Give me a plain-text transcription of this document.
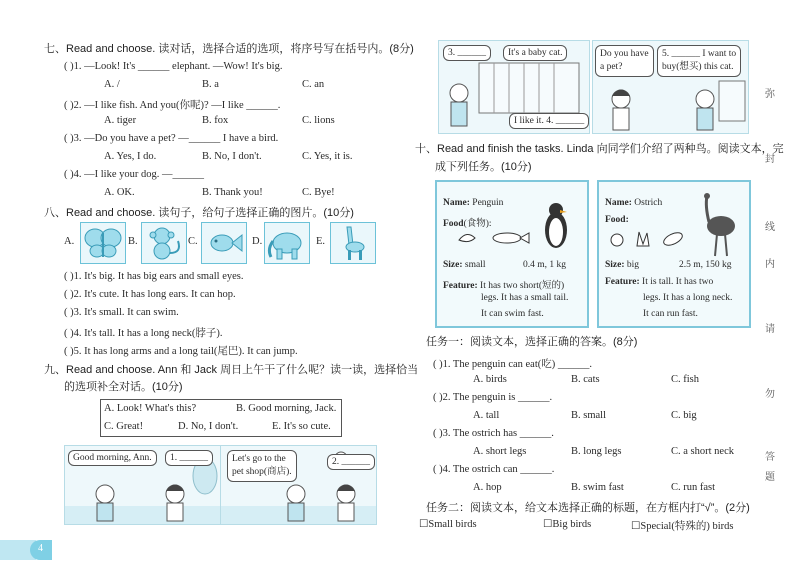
七、Read and choose. 读对话，选择合适的选项，将序号写在括号内。(8分)
( )1. —Look! It's ______ elephant. —Wow! It's big.
A. /	B. a	C. an
( )2. —I like fish. And you(你呢)? —I like ______.
A. tiger	B. fox	C. lions
( )3. —Do you have a pet? —______ I have a bird.
A. Yes, I do.	B. No, I don't.	C. Yes, it is.
( )4. —I like your dog. —______
A. OK.	B. Thank you!	C. Bye!
八、Read and choose. 读句子，给句子选择正确的图片。(10分)
A.	B.	C.	D.	E.
( )1. It's big. It has big ears and small eyes.
( )2. It's cute. It has long ears. It can hop.
( )3. It's small. It can swim.
( )4. It's tall. It has a long neck(脖子).
( )5. It has long arms and a long tail(尾巴). It can jump.
九、Read and choose. Ann 和 Jack 周日上午干了什么呢？读一读，选择恰当
的选项补全对话。(10分)
A. Look! What's this?	B. Good morning, Jack.
C. Great!	D. No, I don't.	E. It's so cute.
Good morning, Ann.	1. ______	Let's go to the
pet shop(商店).
2. ______
4
3. ______	It's a baby cat.
I like it. 4. ______
Do you have
a pet?
5. ______ I want to
buy(想买) this cat.
十、Read and finish the tasks. Linda 向同学们介绍了两种鸟。阅读文本，完
成下列任务。(10分)
Name: Penguin
Food(食物):
Size: small	0.4 m, 1 kg
Feature: It has two short(短的)
legs. It has a small tail.
It can swim fast.
Name: Ostrich
Food:
Size: big	2.5 m, 150 kg
Feature: It is tall. It has two
legs. It has a long neck.
It can run fast.
任务一：阅读文本，选择正确的答案。(8分)
( )1. The penguin can eat(吃) ______.
A. birds	B. cats	C. fish
( )2. The penguin is ______.
A. tall	B. small	C. big
( )3. The ostrich has ______.
A. short legs	B. long legs	C. a short neck
( )4. The ostrich can ______.
A. hop	B. swim fast	C. run fast
任务二：阅读文本，给文本选择正确的标题，在方框内打“√”。(2分)
☐Small birds	☐Big birds	☐Special(特殊的) birds
弥
封
线
内
请
勿
答
题
